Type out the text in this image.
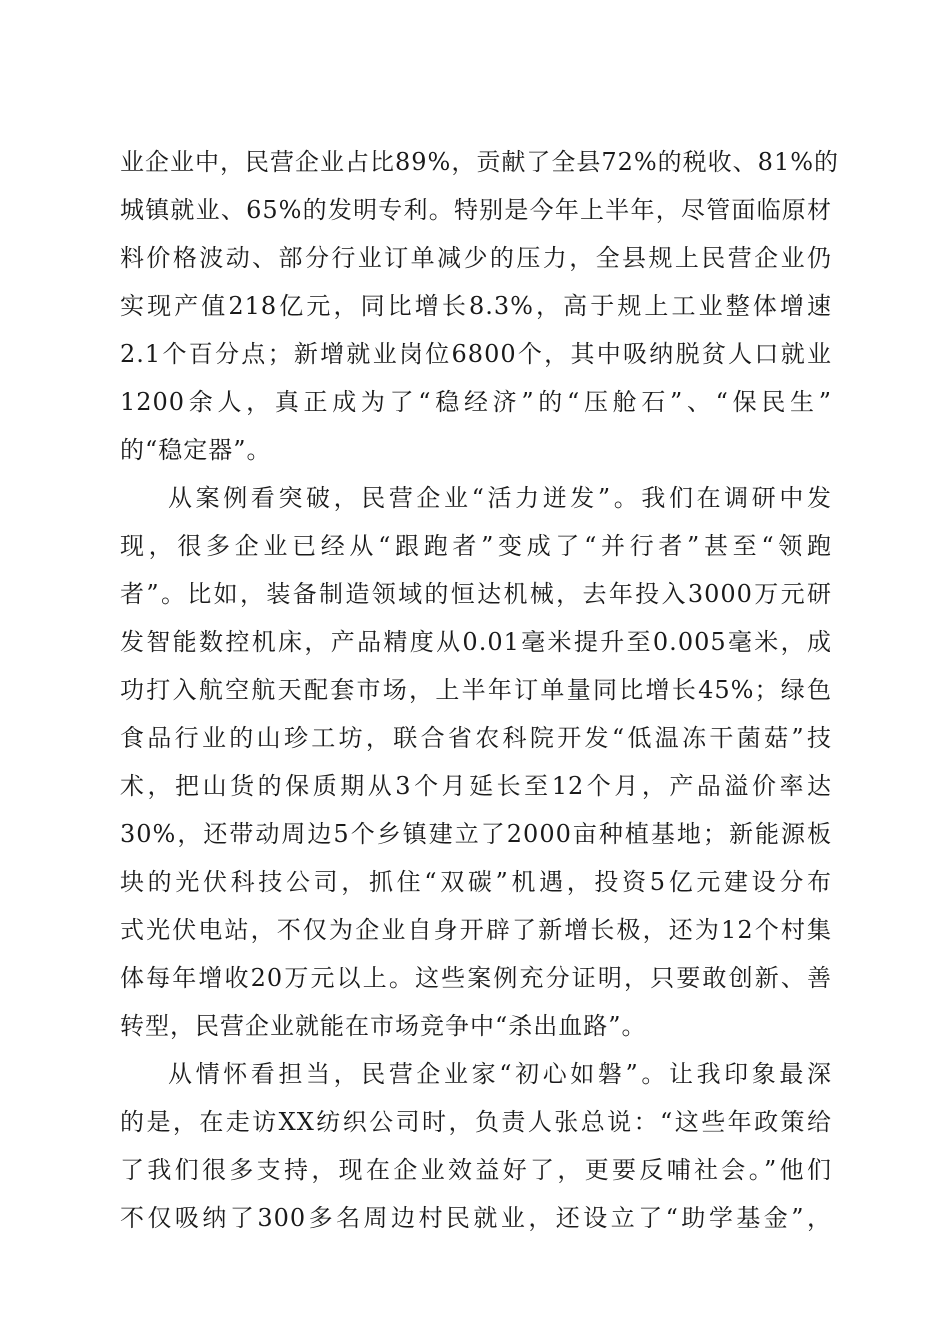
业企业中，民营企业占比89%，贡献了全县72%的税收、81%的
城镇就业、65%的发明专利。特别是今年上半年，尽管面临原材
料价格波动、部分行业订单减少的压力，全县规上民营企业仍
实现产值218亿元，同比增长8.3%，高于规上工业整体增速
2.1个百分点；新增就业岗位6800个，其中吸纳脱贫人口就业
1200余人，真正成为了“稳经济”的“压舱石”、“保民生”
的“稳定器”。
从案例看突破，民营企业“活力迸发”。我们在调研中发
现，很多企业已经从“跟跑者”变成了“并行者”甚至“领跑
者”。比如，装备制造领域的恒达机械，去年投入3000万元研
发智能数控机床，产品精度从0.01毫米提升至0.005毫米，成
功打入航空航天配套市场，上半年订单量同比增长45%；绿色
食品行业的山珍工坊，联合省农科院开发“低温冻干菌菇”技
术，把山货的保质期从3个月延长至12个月，产品溢价率达
30%，还带动周边5个乡镇建立了2000亩种植基地；新能源板
块的光伏科技公司，抓住“双碳”机遇，投资5亿元建设分布
式光伏电站，不仅为企业自身开辟了新增长极，还为12个村集
体每年增收20万元以上。这些案例充分证明，只要敢创新、善
转型，民营企业就能在市场竞争中“杀出血路”。
从情怀看担当，民营企业家“初心如磐”。让我印象最深
的是，在走访XX纺织公司时，负责人张总说：“这些年政策给
了我们很多支持，现在企业效益好了，更要反哺社会。”他们
不仅吸纳了300多名周边村民就业，还设立了“助学基金”，
